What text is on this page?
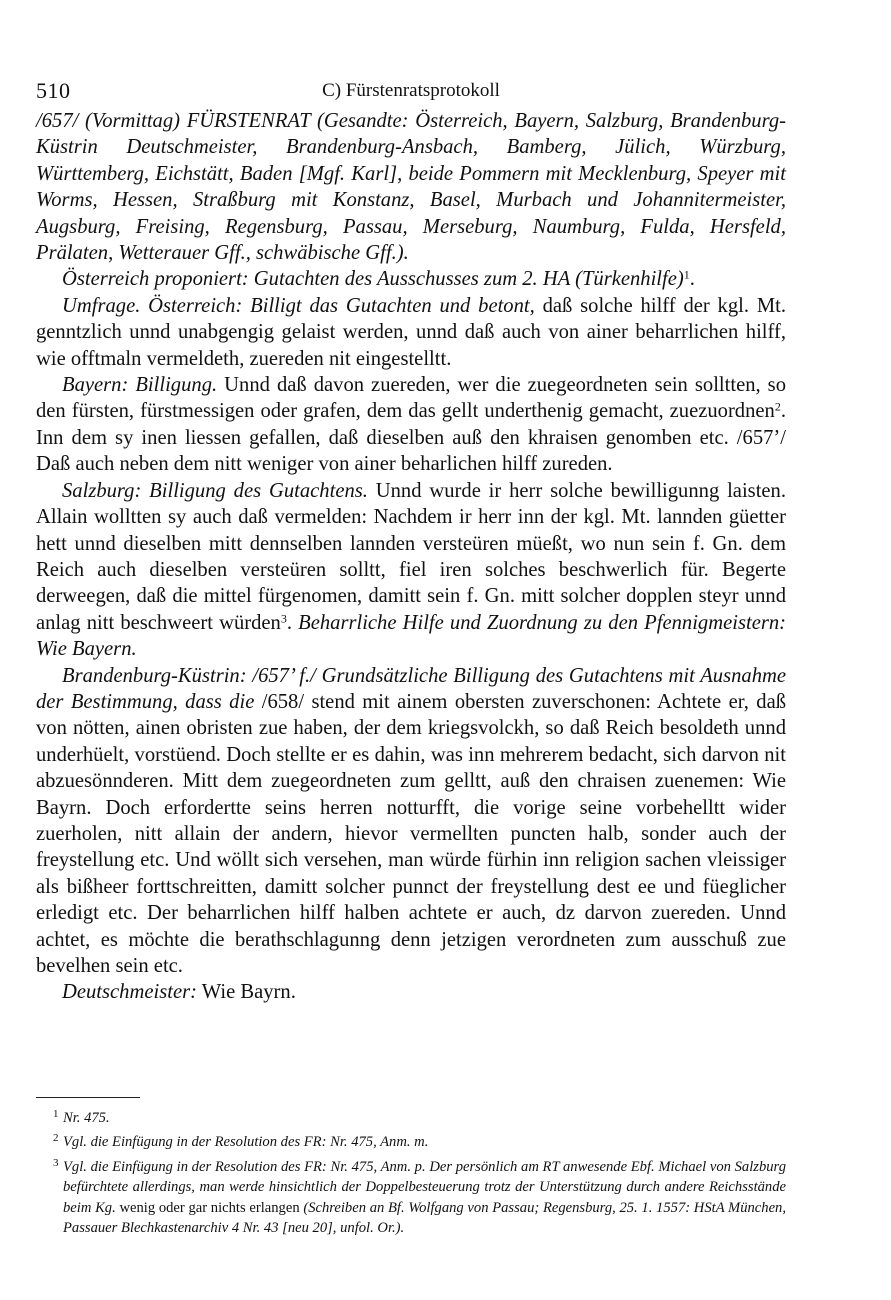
510	C) Fürstenratsprotokoll

/657/ (Vormittag) FÜRSTENRAT (Gesandte: Österreich, Bayern, Salzburg, Brandenburg-Küstrin Deutschmeister, Brandenburg-Ansbach, Bamberg, Jülich, Würzburg, Württemberg, Eichstätt, Baden [Mgf. Karl], beide Pommern mit Mecklenburg, Speyer mit Worms, Hessen, Straßburg mit Konstanz, Basel, Murbach und Johannitermeister, Augsburg, Freising, Regensburg, Passau, Merseburg, Naumburg, Fulda, Hersfeld, Prälaten, Wetterauer Gff., schwäbische Gff.).

Österreich proponiert: Gutachten des Ausschusses zum 2. HA (Türkenhilfe)$^1$.

Umfrage. Österreich: Billigt das Gutachten und betont, daß solche hilff der kgl. Mt. genntzlich unnd unabgengig gelaist werden, unnd daß auch von ainer beharrlichen hilff, wie offtmaln vermeldeth, zuereden nit eingestelltt.

Bayern: Billigung. Unnd daß davon zuereden, wer die zuegeordneten sein solltten, so den fürsten, fürstmessigen oder grafen, dem das gellt underthenig gemacht, zuezuordnen$^2$. Inn dem sy inen liessen gefallen, daß dieselben auß den khraisen genomben etc. /657’/ Daß auch neben dem nitt weniger von ainer beharlichen hilff zureden.

Salzburg: Billigung des Gutachtens. Unnd wurde ir herr solche bewilligunng laisten. Allain wolltten sy auch daß vermelden: Nachdem ir herr inn der kgl. Mt. lannden güetter hett unnd dieselben mitt dennselben lannden versteüren müeßt, wo nun sein f. Gn. dem Reich auch dieselben versteüren solltt, fiel iren solches beschwerlich für. Begerte derweegen, daß die mittel fürgenomen, damitt sein f. Gn. mitt solcher dopplen steyr unnd anlag nitt beschweert würden$^3$. Beharrliche Hilfe und Zuordnung zu den Pfennigmeistern: Wie Bayern.

Brandenburg-Küstrin: /657’ f./ Grundsätzliche Billigung des Gutachtens mit Ausnahme der Bestimmung, dass die /658/ stend mit ainem obersten zuverschonen: Achtete er, daß von nötten, ainen obristen zue haben, der dem kriegsvolckh, so daß Reich besoldeth unnd underhüelt, vorstüend. Doch stellte er es dahin, was inn mehrerem bedacht, sich darvon nit abzuesönnderen. Mitt dem zuegeordneten zum gelltt, auß den chraisen zuenemen: Wie Bayrn. Doch erfordertte seins herren notturfft, die vorige seine vorbehelltt wider zuerholen, nitt allain der andern, hievor vermellten puncten halb, sonder auch der freystellung etc. Und wöllt sich versehen, man würde fürhin inn religion sachen vleissiger als bißheer forttschreitten, damitt solcher punnct der freystellung dest ee und füeglicher erledigt etc. Der beharrlichen hilff halben achtete er auch, dz darvon zuereden. Unnd achtet, es möchte die berathschlagunng denn jetzigen verordneten zum ausschuß zue bevelhen sein etc.

Deutschmeister: Wie Bayrn.

1 Nr. 475.

2 Vgl. die Einfügung in der Resolution des FR: Nr. 475, Anm. m.

3 Vgl. die Einfügung in der Resolution des FR: Nr. 475, Anm. p. Der persönlich am RT anwesende Ebf. Michael von Salzburg befürchtete allerdings, man werde hinsichtlich der Doppelbesteuerung trotz der Unterstützung durch andere Reichsstände beim Kg. wenig oder gar nichts erlangen (Schreiben an Bf. Wolfgang von Passau; Regensburg, 25. 1. 1557: HStA München, Passauer Blechkastenarchiv 4 Nr. 43 [neu 20], unfol. Or.).
